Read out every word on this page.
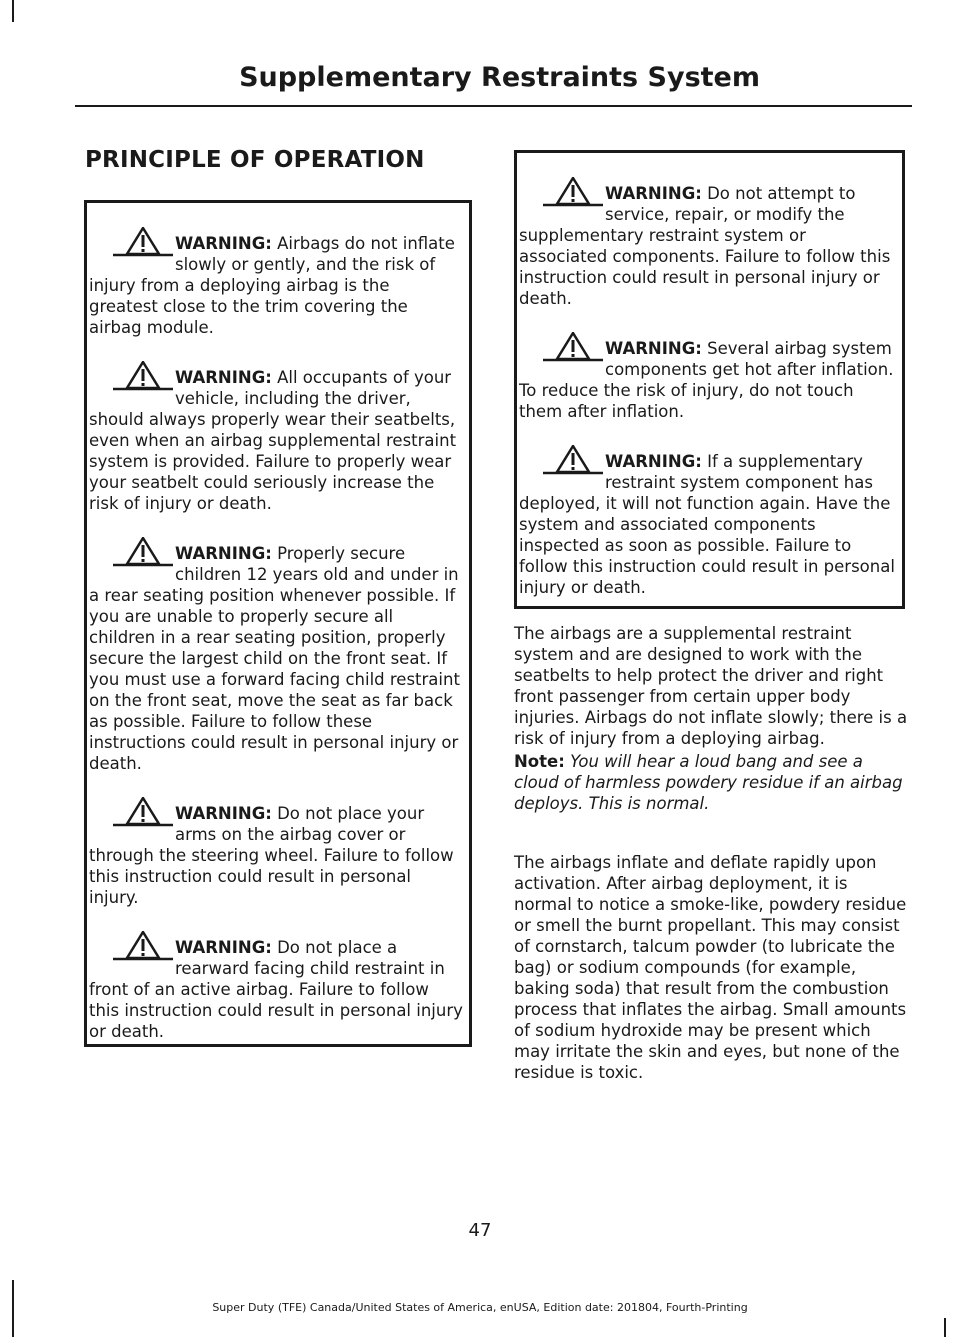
Supplementary Restraints System
PRINCIPLE OF OPERATION
WARNING: Airbags do not inflate slowly or gently, and the risk of injury from a deploying airbag is the greatest close to the trim covering the airbag module.
WARNING: All occupants of your vehicle, including the driver, should always properly wear their seatbelts, even when an airbag supplemental restraint system is provided. Failure to properly wear your seatbelt could seriously increase the risk of injury or death.
WARNING: Properly secure children 12 years old and under in a rear seating position whenever possible. If you are unable to properly secure all children in a rear seating position, properly secure the largest child on the front seat. If you must use a forward facing child restraint on the front seat, move the seat as far back as possible. Failure to follow these instructions could result in personal injury or death.
WARNING: Do not place your arms on the airbag cover or through the steering wheel. Failure to follow this instruction could result in personal injury.
WARNING: Do not place a rearward facing child restraint in front of an active airbag. Failure to follow this instruction could result in personal injury or death.
WARNING: Do not attempt to service, repair, or modify the supplementary restraint system or associated components. Failure to follow this instruction could result in personal injury or death.
WARNING: Several airbag system components get hot after inflation. To reduce the risk of injury, do not touch them after inflation.
WARNING: If a supplementary restraint system component has deployed, it will not function again. Have the system and associated components inspected as soon as possible. Failure to follow this instruction could result in personal injury or death.

The airbags are a supplemental restraint system and are designed to work with the seatbelts to help protect the driver and right front passenger from certain upper body injuries. Airbags do not inflate slowly; there is a risk of injury from a deploying airbag.

Note: You will hear a loud bang and see a cloud of harmless powdery residue if an airbag deploys. This is normal.

The airbags inflate and deflate rapidly upon activation. After airbag deployment, it is normal to notice a smoke-like, powdery residue or smell the burnt propellant. This may consist of cornstarch, talcum powder (to lubricate the bag) or sodium compounds (for example, baking soda) that result from the combustion process that inflates the airbag. Small amounts of sodium hydroxide may be present which may irritate the skin and eyes, but none of the residue is toxic.

47

Super Duty (TFE) Canada/United States of America, enUSA, Edition date: 201804, Fourth-Printing
